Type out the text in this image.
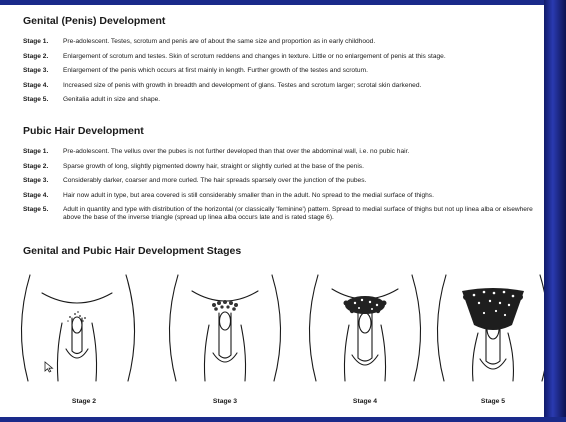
Genital (Penis) Development
Stage 1.	Pre-adolescent. Testes, scrotum and penis are of about the same size and proportion as in early childhood.
Stage 2.	Enlargement of scrotum and testes. Skin of scrotum reddens and changes in texture. Little or no enlargement of penis at this stage.
Stage 3.	Enlargement of the penis which occurs at first mainly in length. Further growth of the testes and scrotum.
Stage 4.	Increased size of penis with growth in breadth and development of glans. Testes and scrotum larger; scrotal skin darkened.
Stage 5.	Genitalia adult in size and shape.
Pubic Hair Development
Stage 1.	Pre-adolescent. The vellus over the pubes is not further developed than that over the abdominal wall, i.e. no pubic hair.
Stage 2.	Sparse growth of long, slightly pigmented downy hair, straight or slightly curled at the base of the penis.
Stage 3.	Considerably darker, coarser and more curled. The hair spreads sparsely over the junction of the pubes.
Stage 4.	Hair now adult in type, but area covered is still considerably smaller than in the adult. No spread to the medial surface of thighs.
Stage 5.	Adult in quantity and type with distribution of the horizontal (or classically 'feminine') pattern. Spread to medial surface of thighs but not up linea alba or elsewhere above the base of the inverse triangle (spread up linea alba occurs late and is rated stage 6).
Genital and Pubic Hair Development Stages
Stage 2	Stage 3	Stage 4	Stage 5
